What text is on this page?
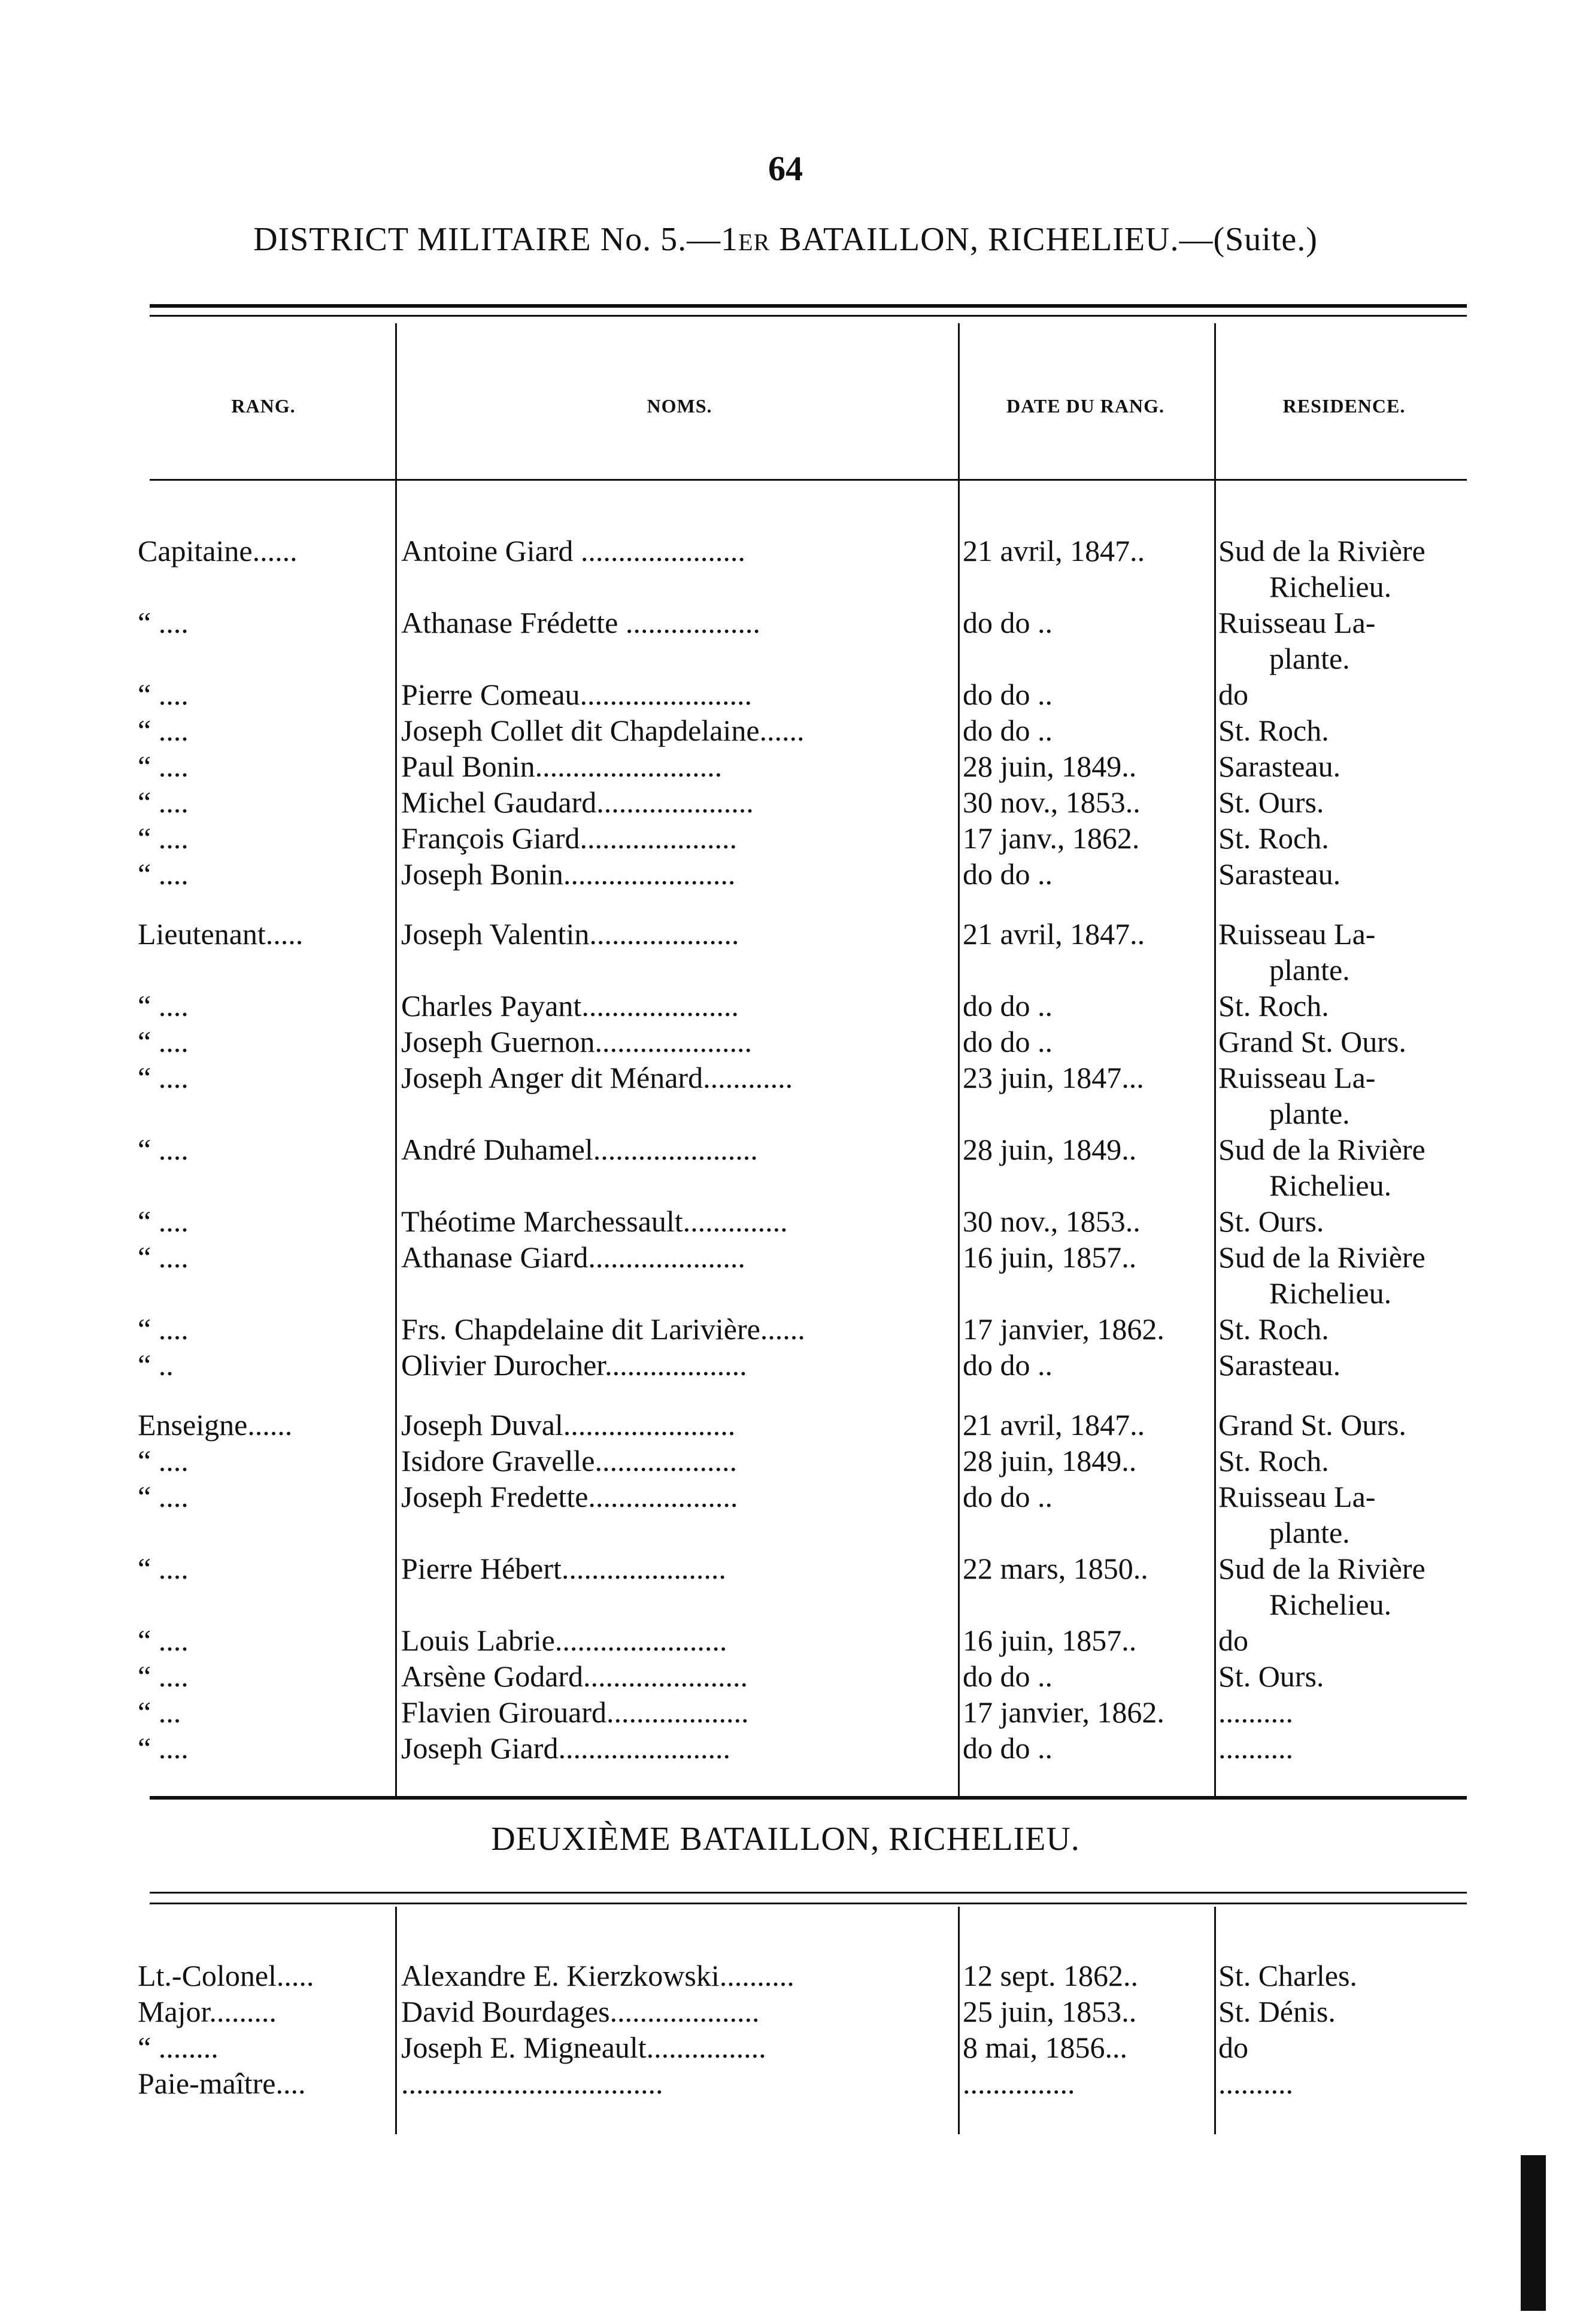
64
DISTRICT MILITAIRE No. 5.—1ER BATAILLON, RICHELIEU.—(Suite.)
RANG.	NOMS.	DATE DU RANG.	RESIDENCE.
Capitaine......	Antoine Giard ......................	21 avril, 1847..	Sud de la Rivière
Richelieu.
“ ....	Athanase Frédette ..................	do do ..	Ruisseau La-
plante.
“ ....	Pierre Comeau.......................	do do ..	do
“ ....	Joseph Collet dit Chapdelaine......	do do ..	St. Roch.
“ ....	Paul Bonin.........................	28 juin, 1849..	Sarasteau.
“ ....	Michel Gaudard.....................	30 nov., 1853..	St. Ours.
“ ....	François Giard.....................	17 janv., 1862.	St. Roch.
“ ....	Joseph Bonin.......................	do do ..	Sarasteau.
Lieutenant.....	Joseph Valentin....................	21 avril, 1847..	Ruisseau La-
plante.
“ ....	Charles Payant.....................	do do ..	St. Roch.
“ ....	Joseph Guernon.....................	do do ..	Grand St. Ours.
“ ....	Joseph Anger dit Ménard............	23 juin, 1847...	Ruisseau La-
plante.
“ ....	André Duhamel......................	28 juin, 1849..	Sud de la Rivière
Richelieu.
“ ....	Théotime Marchessault..............	30 nov., 1853..	St. Ours.
“ ....	Athanase Giard.....................	16 juin, 1857..	Sud de la Rivière
Richelieu.
“ ....	Frs. Chapdelaine dit Larivière......	17 janvier, 1862.	St. Roch.
“ ..	Olivier Durocher...................	do do ..	Sarasteau.
Enseigne......	Joseph Duval.......................	21 avril, 1847..	Grand St. Ours.
“ ....	Isidore Gravelle...................	28 juin, 1849..	St. Roch.
“ ....	Joseph Fredette....................	do do ..	Ruisseau La-
plante.
“ ....	Pierre Hébert......................	22 mars, 1850..	Sud de la Rivière
Richelieu.
“ ....	Louis Labrie.......................	16 juin, 1857..	do
“ ....	Arsène Godard......................	do do ..	St. Ours.
“ ...	Flavien Girouard...................	17 janvier, 1862.	..........
“ ....	Joseph Giard.......................	do do ..	..........
DEUXIÈME BATAILLON, RICHELIEU.
Lt.-Colonel.....	Alexandre E. Kierzkowski..........	12 sept. 1862..	St. Charles.
Major.........	David Bourdages....................	25 juin, 1853..	St. Dénis.
“ ........	Joseph E. Migneault................	8 mai, 1856...	do
Paie-maître....	...................................	...............	..........
